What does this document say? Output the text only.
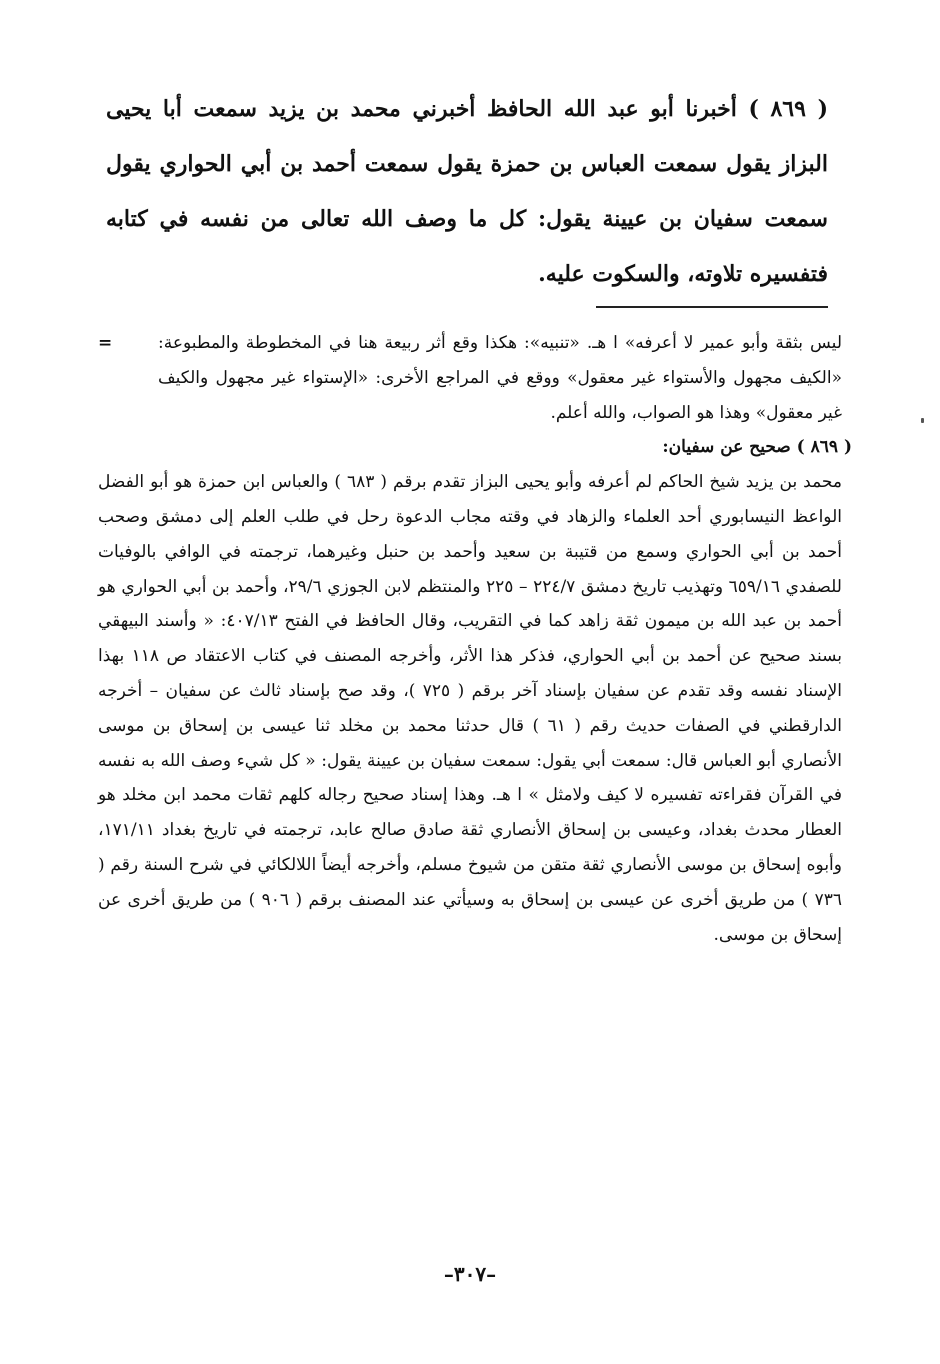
( ٨٦٩ ) أخبرنا أبو عبد الله الحافظ أخبرني محمد بن يزيد سمعت أبا يحيى البزاز يقول سمعت العباس بن حمزة يقول سمعت أحمد بن أبي الحواري يقول سمعت سفيان بن عيينة يقول: كل ما وصف الله تعالى من نفسه في كتابه فتفسيره تلاوته، والسكوت عليه.

=	ليس بثقة وأبو عمير لا أعرفه» ا هـ. «تنبيه»: هكذا وقع أثر ربيعة هنا في المخطوطة والمطبوعة: «الكيف مجهول والأستواء غير معقول» ووقع في المراجع الأخرى: «الإستواء غير مجهول والكيف غير معقول» وهذا هو الصواب، والله أعلم.
( ٨٦٩ ) صحيح عن سفيان:

محمد بن يزيد شيخ الحاكم لم أعرفه وأبو يحيى البزاز تقدم برقم ( ٦٨٣ ) والعباس ابن حمزة هو أبو الفضل الواعظ النيسابوري أحد العلماء والزهاد في وقته مجاب الدعوة رحل في طلب العلم إلى دمشق وصحب أحمد بن أبي الحواري وسمع من قتيبة بن سعيد وأحمد بن حنبل وغيرهما، ترجمته في الوافي بالوفيات للصفدي ٦٥٩/١٦ وتهذيب تاريخ دمشق ٢٢٤/٧ – ٢٢٥ والمنتظم لابن الجوزي ٢٩/٦، وأحمد بن أبي الحواري هو أحمد بن عبد الله بن ميمون ثقة زاهد كما في التقريب، وقال الحافظ في الفتح ٤٠٧/١٣: « وأسند البيهقي بسند صحيح عن أحمد بن أبي الحواري، فذكر هذا الأثر، وأخرجه المصنف في كتاب الاعتقاد ص ١١٨ بهذا الإسناد نفسه وقد تقدم عن سفيان بإسناد آخر برقم ( ٧٢٥ )، وقد صح بإسناد ثالث عن سفيان – أخرجه الدارقطني في الصفات حديث رقم ( ٦١ ) قال حدثنا محمد بن مخلد ثنا عيسى بن إسحاق بن موسى الأنصاري أبو العباس قال: سمعت أبي يقول: سمعت سفيان بن عيينة يقول: « كل شيء وصف الله به نفسه في القرآن فقراءته تفسيره لا كيف ولامثل » ا هـ. وهذا إسناد صحيح رجاله كلهم ثقات محمد ابن مخلد هو العطار محدث بغداد، وعيسى بن إسحاق الأنصاري ثقة صادق صالح عابد، ترجمته في تاريخ بغداد ١٧١/١١، وأبوه إسحاق بن موسى الأنصاري ثقة متقن من شيوخ مسلم، وأخرجه أيضاً اللالكائي في شرح السنة رقم ( ٧٣٦ ) من طريق أخرى عن عيسى بن إسحاق به وسيأتي عند المصنف برقم ( ٩٠٦ ) من طريق أخرى عن إسحاق بن موسى.

–٣٠٧–
